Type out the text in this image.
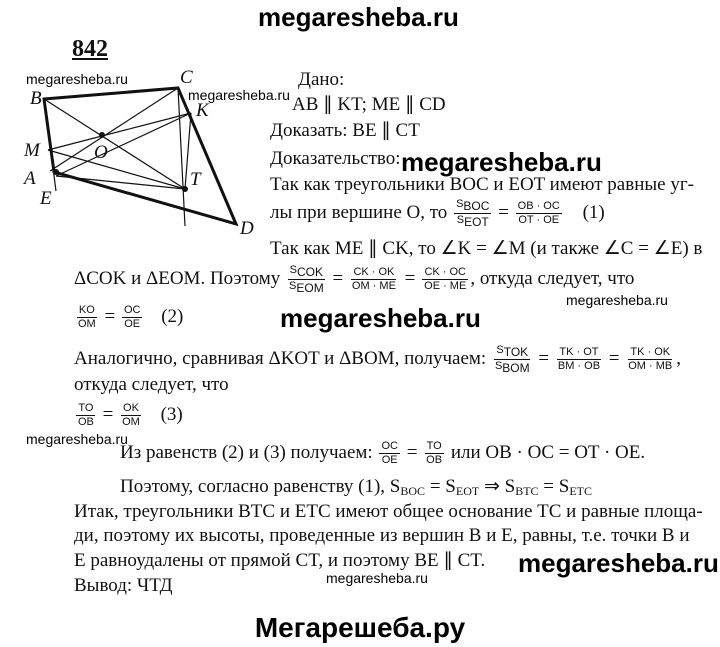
megaresheba.ru
842
megaresheba.ru
megaresheba.ru
megaresheba.ru
megaresheba.ru
megaresheba.ru
megaresheba.ru
megaresheba.ru
megaresheba.ru
B
C
K
M	O
A
E
T
D
Дано:
AB ∥ KT; ME ∥ CD
Доказать: BE ∥ CT
Доказательство:
Так как треугольники BOC и EOT имеют равные уг-
лы при вершине O, то $\frac{\text{SBOC}}{\text{SEOT}} = \frac{OB \cdot OC}{OT \cdot OE} (1)$
Так как ME ∥ CK, то ∠K = ∠M (и также ∠C = ∠E) в
ΔCOK и ΔEOM. Поэтому $\frac{\text{SCOK}}{\text{SEOM}} = \frac{CK \cdot OK}{OM \cdot ME} = \frac{CK \cdot OC}{OE \cdot ME}$ , откуда следует, что
$\frac{KO}{OM} = \frac{OC}{OE} (2)$
Аналогично, сравнивая ΔKOT и ΔBOM, получаем: $\frac{\text{STOK}}{\text{SBOM}} = \frac{TK \cdot OT}{BM \cdot OB} = \frac{TK \cdot OK}{OM \cdot MB}$ ,
откуда следует, что
$\frac{TO}{OB} = \frac{OK}{OM} (3)$
Из равенств (2) и (3) получаем: $\frac{OC}{OE} = \frac{TO}{OB}$ или OB · OC = OT · OE.
Поэтому, согласно равенству (1), $S_{BOC} = S_{EOT}$ ⇒ $S_{BTC} = S_{ETC}$
Итак, треугольники BTC и ETC имеют общее основание TC и равные площа-
ди, поэтому их высоты, проведенные из вершин B и E, равны, т.е. точки B и
E равноудалены от прямой CT, и поэтому BE ∥ CT.
Вывод: ЧТД
Мегарешеба.ру
